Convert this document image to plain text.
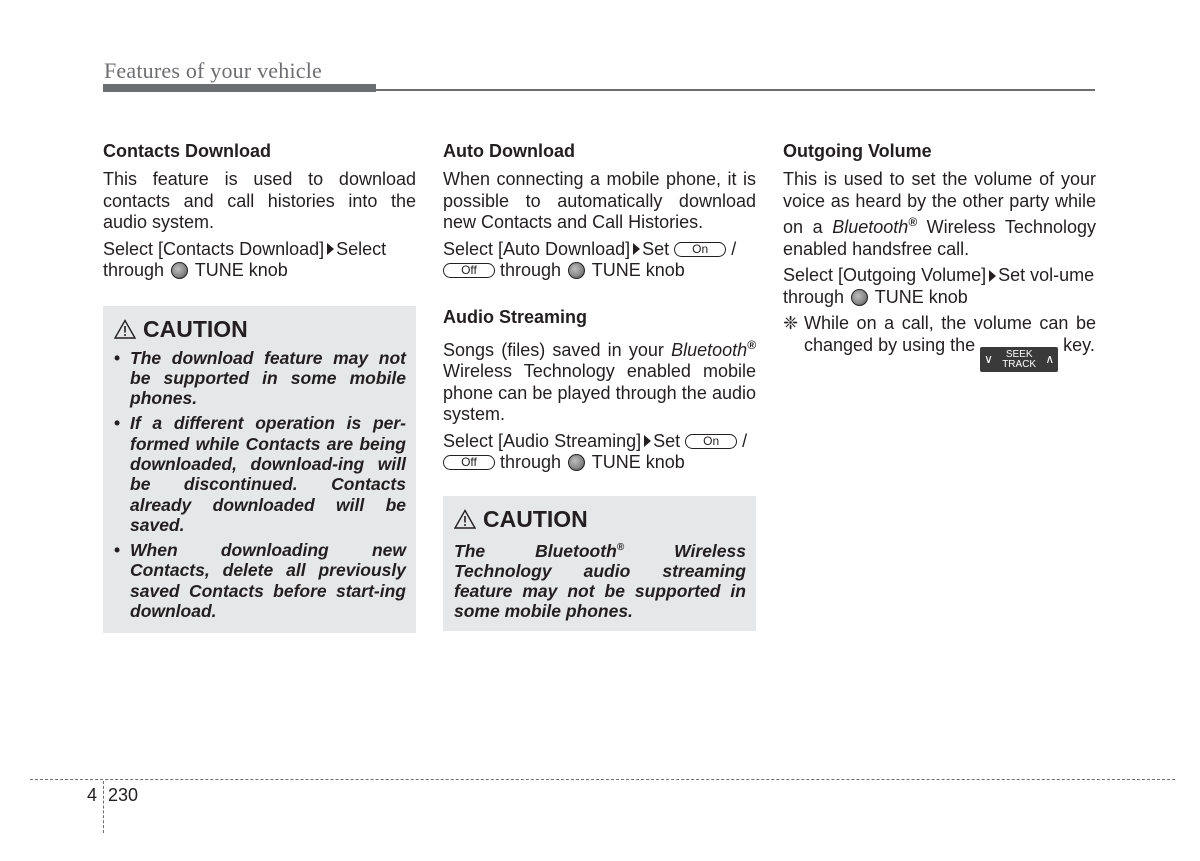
Features of your vehicle
Contacts Download

This feature is used to download contacts and call histories into the audio system.

Select [Contacts Download] Select through TUNE knob

CAUTION
• The download feature may not be supported in some mobile phones.
• If a different operation is per-formed while Contacts are being downloaded, download-ing will be discontinued. Contacts already downloaded will be saved.
• When downloading new Contacts, delete all previously saved Contacts before start-ing download.
Auto Download

When connecting a mobile phone, it is possible to automatically download new Contacts and Call Histories.

Select [Auto Download] Set On /
Off through TUNE knob

Audio Streaming

Songs (files) saved in your Bluetooth® Wireless Technology enabled mobile phone can be played through the audio system.

Select [Audio Streaming] Set On /
Off through TUNE knob

CAUTION

The Bluetooth®	Wireless Technology audio streaming feature may not be supported in some mobile phones.

Outgoing Volume

This is used to set the volume of your voice as heard by the other party while on a Bluetooth® Wireless Technology enabled handsfree call.

Select [Outgoing Volume] Set vol-ume through TUNE knob

❈ While on a call, the volume can be changed by using the
∨ SEEK
TRACK ∧
key.

4 230
